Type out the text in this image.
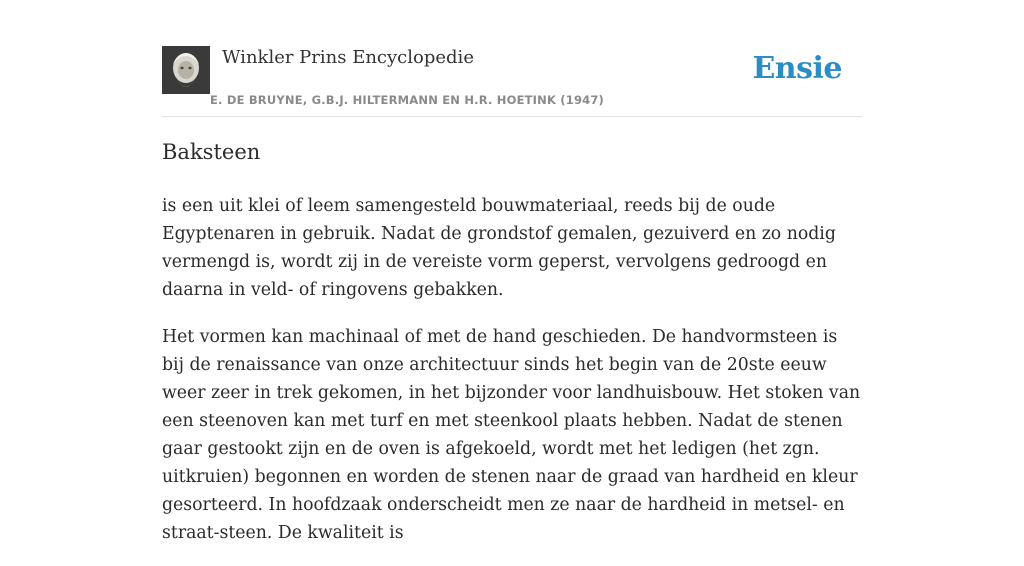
Winkler Prins Encyclopedie
E. DE BRUYNE, G.B.J. HILTERMANN EN H.R. HOETINK (1947)
Ensie
Baksteen

is een uit klei of leem samengesteld bouwmateriaal, reeds bij de oude Egyptenaren in gebruik. Nadat de grondstof gemalen, gezuiverd en zo nodig vermengd is, wordt zij in de vereiste vorm geperst, vervolgens gedroogd en daarna in veld- of ringovens gebakken.

Het vormen kan machinaal of met de hand geschieden. De handvormsteen is bij de renaissance van onze architectuur sinds het begin van de 20ste eeuw weer zeer in trek gekomen, in het bijzonder voor landhuisbouw. Het stoken van een steenoven kan met turf en met steenkool plaats hebben. Nadat de stenen gaar gestookt zijn en de oven is afgekoeld, wordt met het ledigen (het zgn. uitkruien) begonnen en worden de stenen naar de graad van hardheid en kleur gesorteerd. In hoofdzaak onderscheidt men ze naar de hardheid in metsel- en straat-steen. De kwaliteit is
